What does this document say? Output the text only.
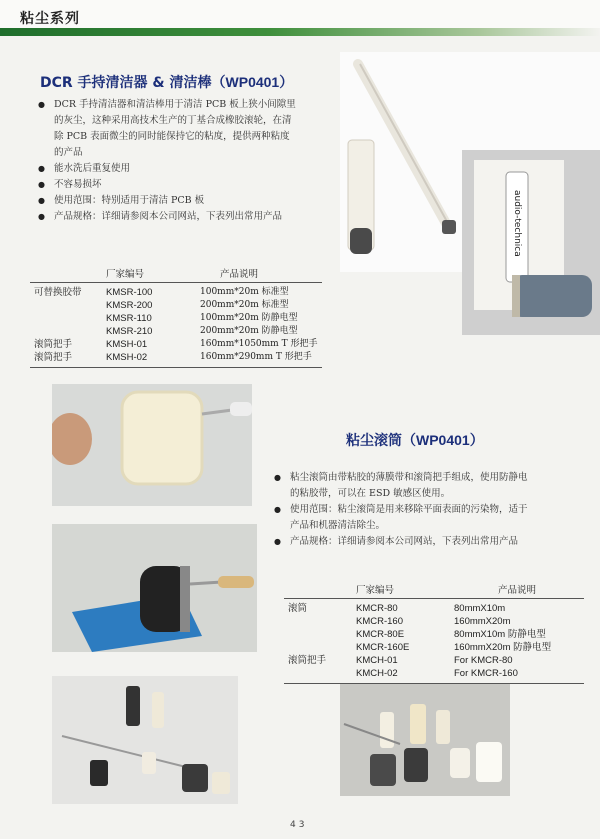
粘尘系列
DCR 手持清洁器 & 清洁棒（WP0401）
● DCR 手持清洁器和清洁棒用于清洁 PCB 板上狭小间隙里的灰尘，这种采用高技术生产的丁基合成橡胶滚轮，在清除 PCB 表面微尘的同时能保持它的粘度，提供两种粘度的产品
● 能水洗后重复使用
● 不容易损坏
● 使用范围：特别适用于清洁 PCB 板
● 产品规格：详细请参阅本公司网站，下表列出常用产品
	厂家编号	产品说明
可替换胶带	KMSR-100	100mm*20m 标准型
	KMSR-200	200mm*20m 标准型
	KMSR-110	100mm*20m 防静电型
	KMSR-210	200mm*20m 防静电型
滚筒把手	KMSH-01	160mm*1050mm T 形把手
滚筒把手	KMSH-02	160mm*290mm T 形把手
audio-technica
粘尘滚筒（WP0401）
● 粘尘滚筒由带粘胶的薄膜带和滚筒把手组成，使用防静电的粘胶带，可以在 ESD 敏感区使用。
● 使用范围：粘尘滚筒是用来移除平面表面的污染物，适于产品和机器清洁除尘。
● 产品规格：详细请参阅本公司网站，下表列出常用产品
	厂家编号	产品说明
滚筒	KMCR-80	80mmX10m
	KMCR-160	160mmX20m
	KMCR-80E	80mmX10m 防静电型
	KMCR-160E	160mmX20m 防静电型
滚筒把手	KMCH-01	For KMCR-80
	KMCH-02	For KMCR-160
43
